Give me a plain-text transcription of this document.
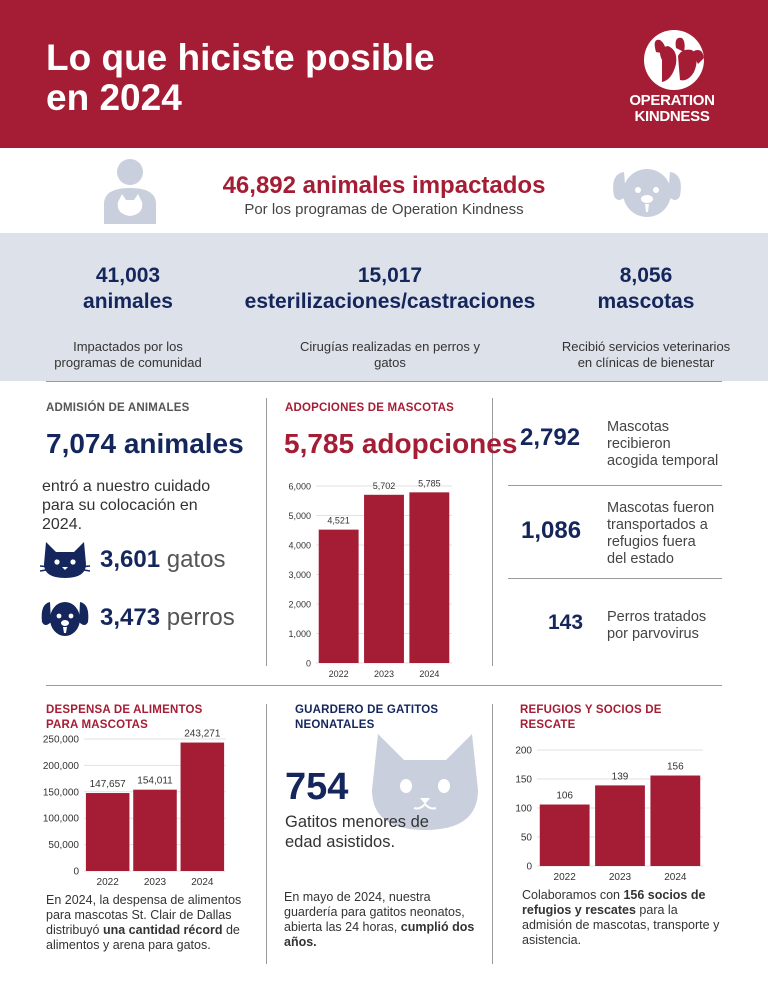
Lo que hiciste posible
en 2024	OPERATION
KINDNESS
46,892 animales impactados
Por los programas de Operation Kindness
41,003
animales
Impactados por los
programas de comunidad
15,017
esterilizaciones/castraciones
Cirugías realizadas en perros y
gatos
8,056
mascotas
Recibió servicios veterinarios
en clínicas de bienestar
ADMISIÓN DE ANIMALES
7,074 animales
entró a nuestro cuidado
para su colocación en
2024.
3,601 gatos
3,473 perros
ADOPCIONES DE MASCOTAS
5,785 adopciones
0
1,000
2,000
3,000
4,000
5,000
6,000
4,521
2022
5,702
2023
5,785
2024
2,792 Mascotas
recibieron
acogida temporal
1,086
Mascotas fueron
transportados a
refugios fuera
del estado
143 Perros tratados
por parvovirus
DESPENSA DE ALIMENTOS
PARA MASCOTAS
0
50,000
100,000
150,000
200,000
250,000
147,657
2022
154,011
2023
243,271
2024
En 2024, la despensa de alimentos
para mascotas St. Clair de Dallas
distribuyó una cantidad récord de
alimentos y arena para gatos.
GUARDERO DE GATITOS
NEONATALES
754
Gatitos menores de
edad asistidos.
En mayo de 2024, nuestra
guardería para gatitos neonatos,
abierta las 24 horas, cumplió dos
años.
REFUGIOS Y SOCIOS DE
RESCATE
0
50
100
150
200
106
2022
139
2023
156
2024
Colaboramos con 156 socios de
refugios y rescates para la
admisión de mascotas, transporte y
asistencia.
